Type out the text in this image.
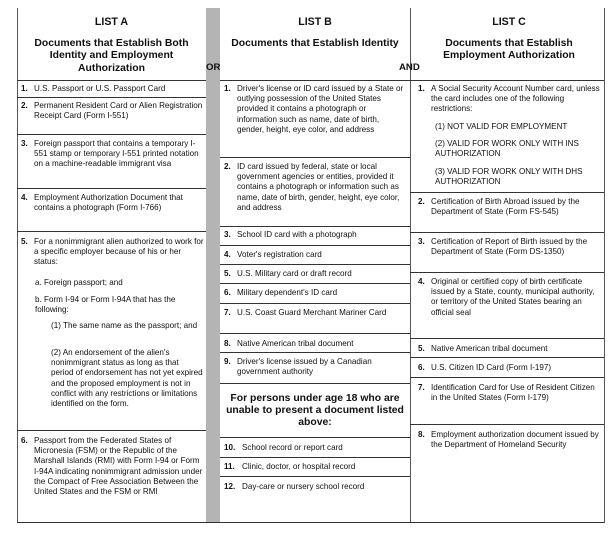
OR	AND
LIST A
Documents that Establish Both Identity and Employment Authorization
1. U.S. Passport or U.S. Passport Card
2. Permanent Resident Card or Alien Registration Receipt Card (Form I-551)
3. Foreign passport that contains a temporary I-551 stamp or temporary I-551 printed notation on a machine-readable immigrant visa
4. Employment Authorization Document that contains a photograph (Form I-766)
5. For a nonimmigrant alien authorized to work for a specific employer because of his or her status:
a. Foreign passport; and
b. Form I-94 or Form I-94A that has the following:
(1) The same name as the passport; and
(2) An endorsement of the alien's nonimmigrant status as long as that period of endorsement has not yet expired and the proposed employment is not in conflict with any restrictions or limitations identified on the form.
6. Passport from the Federated States of Micronesia (FSM) or the Republic of the Marshall Islands (RMI) with Form I-94 or Form I-94A indicating nonimmigrant admission under the Compact of Free Association Between the United States and the FSM or RMI
LIST B
Documents that Establish Identity
1. Driver's license or ID card issued by a State or outlying possession of the United States provided it contains a photograph or information such as name, date of birth, gender, height, eye color, and address
2. ID card issued by federal, state or local government agencies or entities, provided it contains a photograph or information such as name, date of birth, gender, height, eye color, and address
3. School ID card with a photograph
4. Voter's registration card
5. U.S. Military card or draft record
6. Military dependent's ID card
7. U.S. Coast Guard Merchant Mariner Card
8. Native American tribal document
9. Driver's license issued by a Canadian government authority
For persons under age 18 who are unable to present a document listed above:
10. School record or report card
11. Clinic, doctor, or hospital record
12. Day-care or nursery school record
LIST C
Documents that Establish Employment Authorization
1. A Social Security Account Number card, unless the card includes one of the following restrictions:
(1) NOT VALID FOR EMPLOYMENT
(2) VALID FOR WORK ONLY WITH INS AUTHORIZATION
(3) VALID FOR WORK ONLY WITH DHS AUTHORIZATION
2. Certification of Birth Abroad issued by the Department of State (Form FS-545)
3. Certification of Report of Birth issued by the Department of State (Form DS-1350)
4. Original or certified copy of birth certificate issued by a State, county, municipal authority, or territory of the United States bearing an official seal
5. Native American tribal document
6. U.S. Citizen ID Card (Form I-197)
7. Identification Card for Use of Resident Citizen in the United States (Form I-179)
8. Employment authorization document issued by the Department of Homeland Security
